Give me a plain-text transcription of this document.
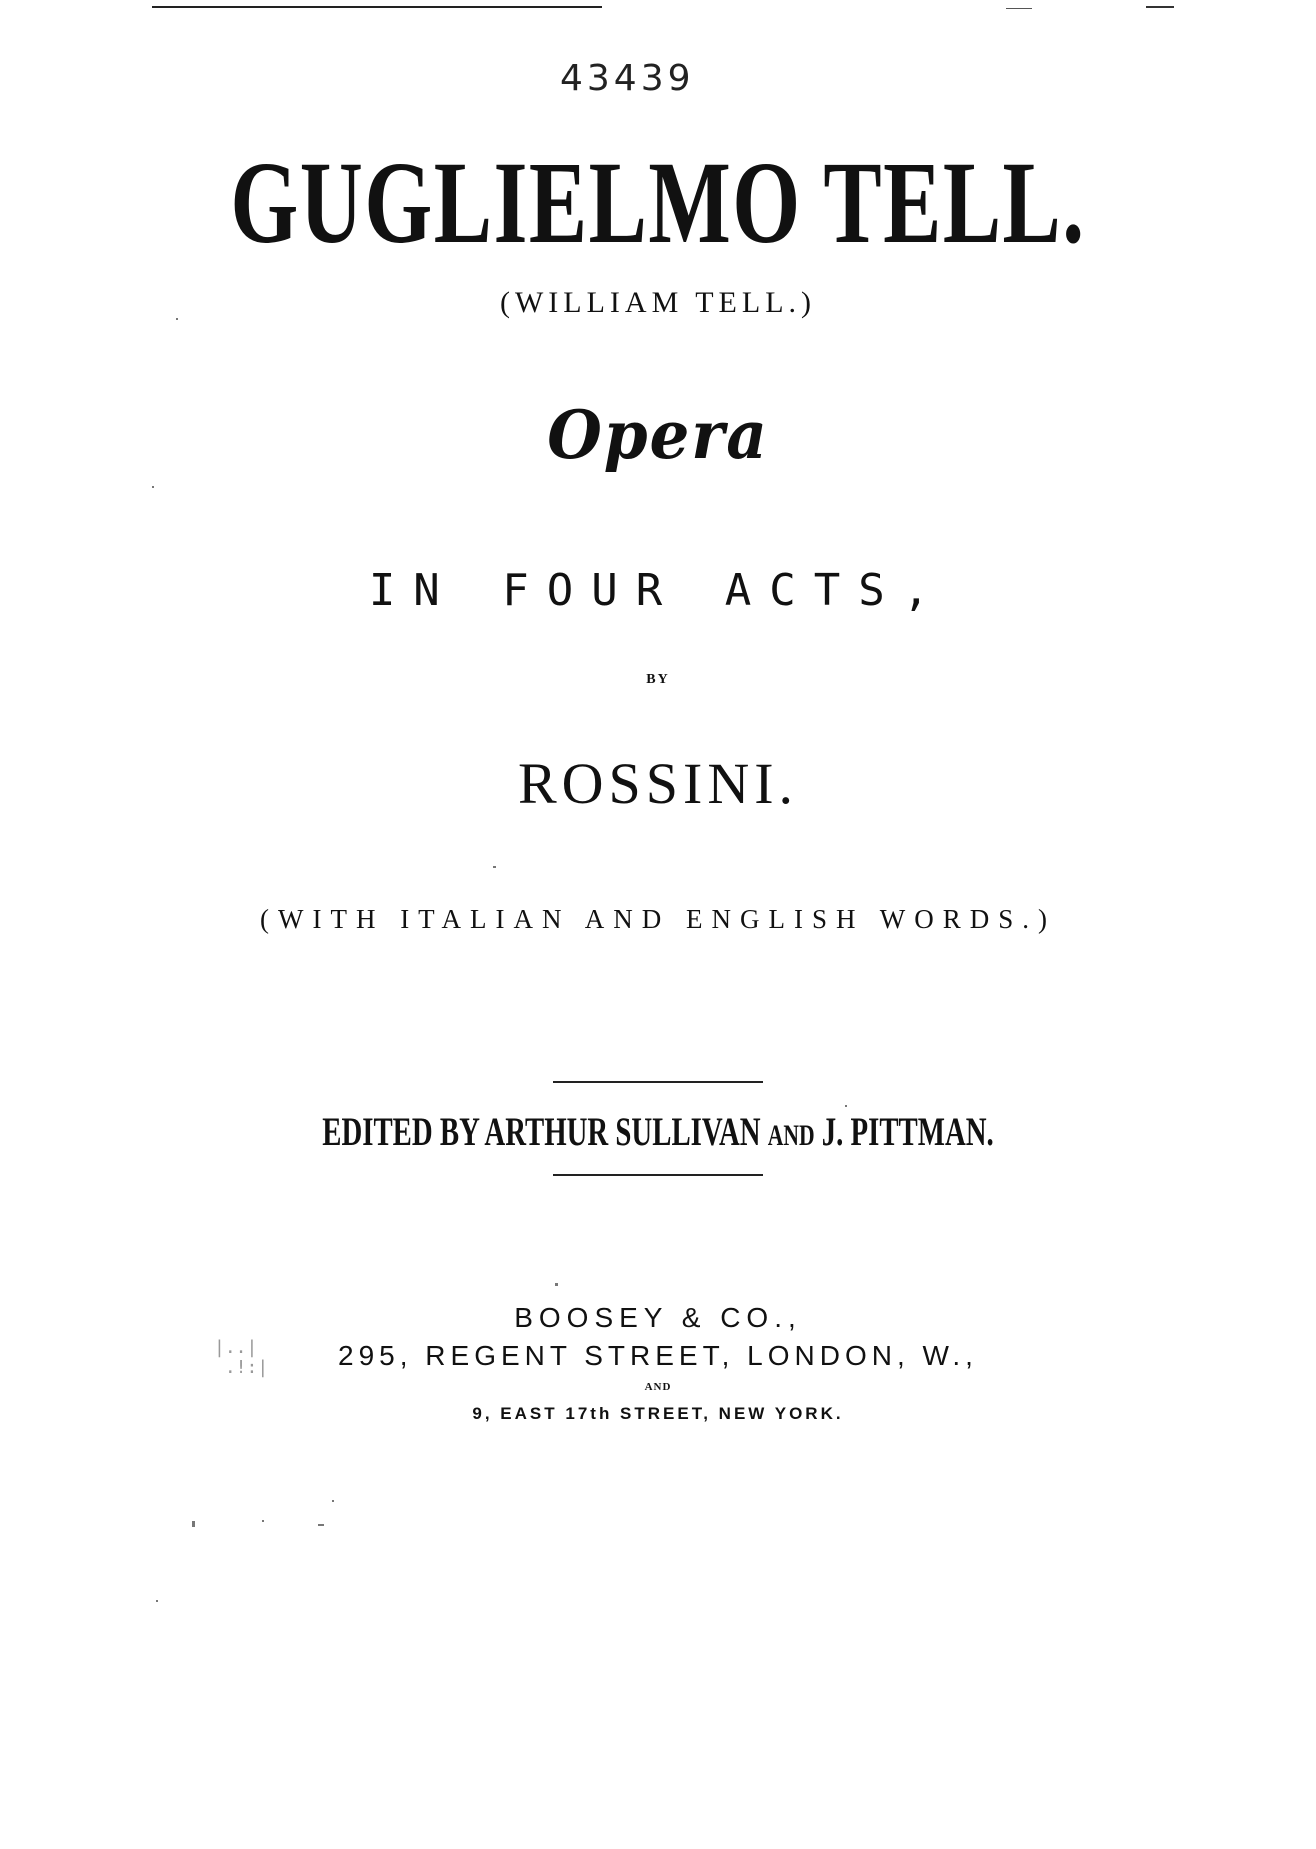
43439
GUGLIELMO TELL.
(WILLIAM TELL.)
Opera
IN FOUR ACTS,
BY
ROSSINI.
(WITH ITALIAN AND ENGLISH WORDS.)
EDITED BY ARTHUR SULLIVAN AND J. PITTMAN.
BOOSEY & CO.,
295, REGENT STREET, LONDON, W.,
AND
9, EAST 17th STREET, NEW YORK.
|..|
.!:|
